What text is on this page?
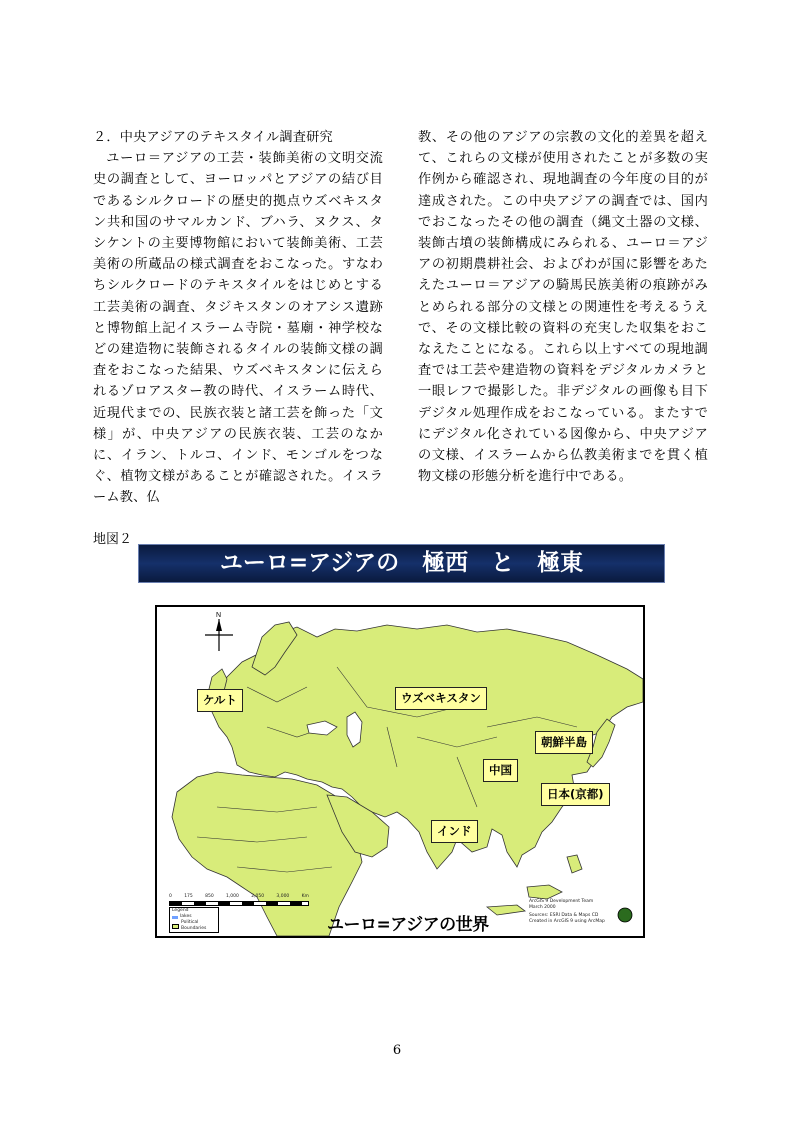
２．中央アジアのテキスタイル調査研究

ユーロ＝アジアの工芸・装飾美術の文明交流史の調査として、ヨーロッパとアジアの結び目であるシルクロードの歴史的拠点ウズベキスタン共和国のサマルカンド、ブハラ、ヌクス、タシケントの主要博物館において装飾美術、工芸美術の所蔵品の様式調査をおこなった。すなわちシルクロードのテキスタイルをはじめとする工芸美術の調査、タジキスタンのオアシス遺跡と博物館上記イスラーム寺院・墓廟・神学校などの建造物に装飾されるタイルの装飾文様の調査をおこなった結果、ウズベキスタンに伝えられるゾロアスター教の時代、イスラーム時代、近現代までの、民族衣装と諸工芸を飾った「文様」が、中央アジアの民族衣装、工芸のなかに、イラン、トルコ、インド、モンゴルをつなぐ、植物文様があることが確認された。イスラーム教、仏

教、その他のアジアの宗教の文化的差異を超えて、これらの文様が使用されたことが多数の実作例から確認され、現地調査の今年度の目的が達成された。この中央アジアの調査では、国内でおこなったその他の調査（縄文土器の文様、装飾古墳の装飾構成にみられる、ユーロ＝アジアの初期農耕社会、およびわが国に影響をあたえたユーロ＝アジアの騎馬民族美術の痕跡がみとめられる部分の文様との関連性を考えるうえで、その文様比較の資料の充実した収集をおこなえたことになる。これら以上すべての現地調査では工芸や建造物の資料をデジタルカメラと一眼レフで撮影した。非デジタルの画像も目下デジタル処理作成をおこなっている。またすでにデジタル化されている図像から、中央アジアの文様、イスラームから仏教美術までを貫く植物文様の形態分析を進行中である。

地図２
ユーロ=アジアの　極西　と　極東
N
ケルト	ウズベキスタン
朝鮮半島
中国
日本(京都)
インド
0	175	850	1,000	2,050	3,000	Km
Legend
lakes
Political Boundaries	ユーロ=アジアの世界
ArcGIS 9 Development Team
March 2000
Sources: ESRI Data & Maps CD
Created in ArcGIS 9 using ArcMap
6
